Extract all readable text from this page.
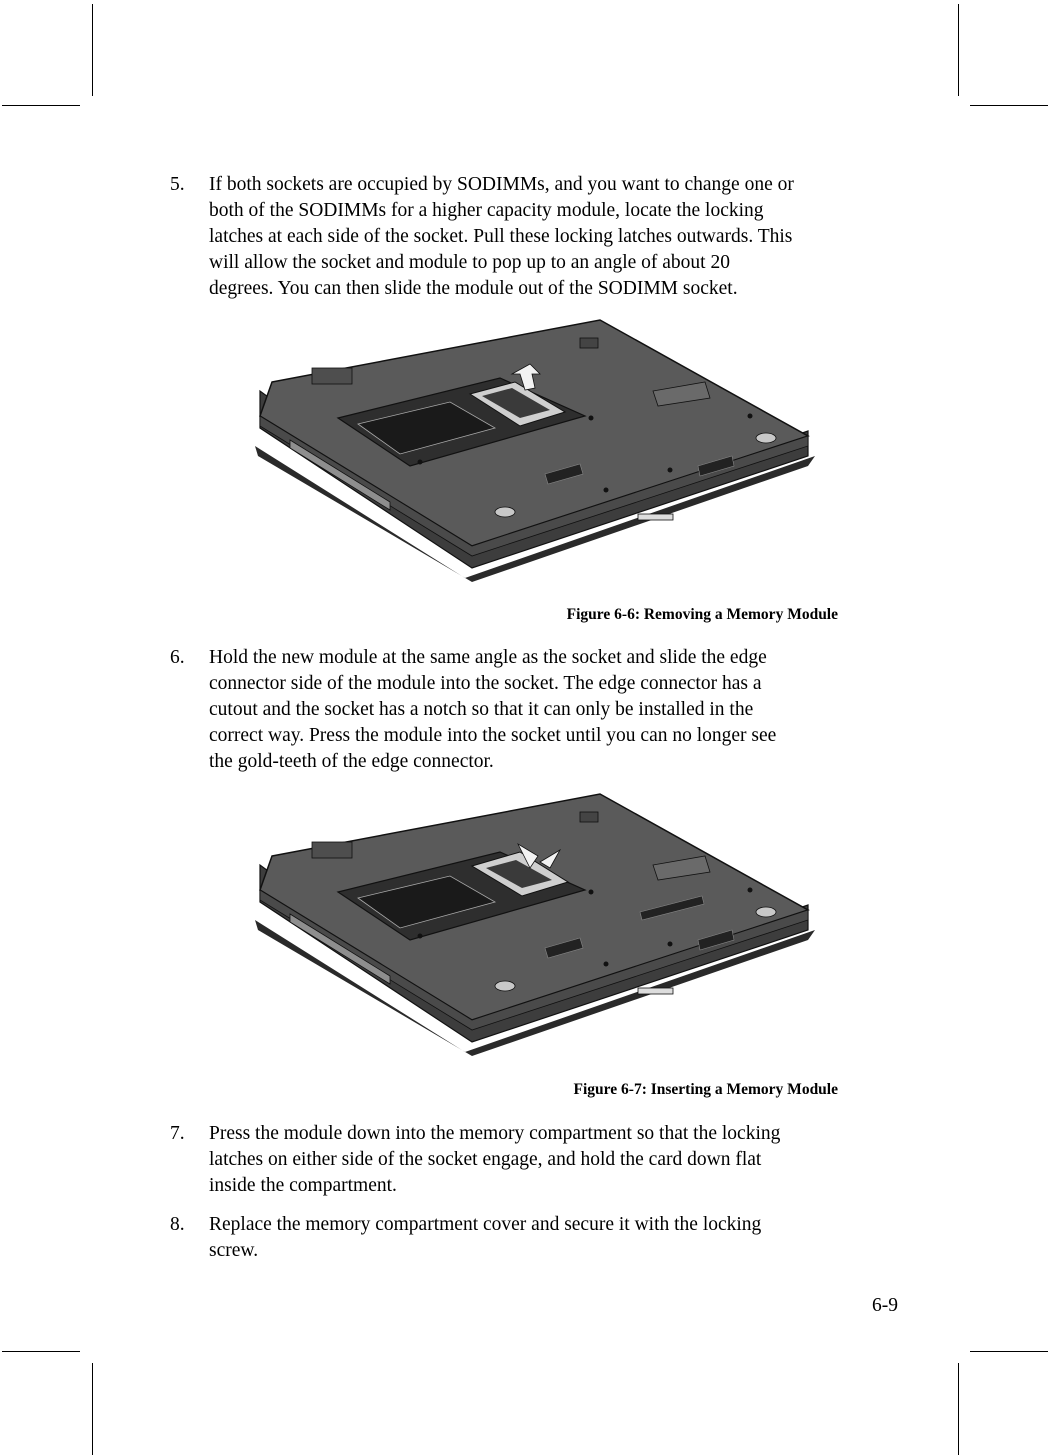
5.	If both sockets are occupied by SODIMMs, and you want to change one or
both of the SODIMMs for a higher capacity module, locate the locking
latches at each side of the socket. Pull these locking latches outwards. This
will allow the socket and module to pop up to an angle of about 20
degrees. You can then slide the module out of the SODIMM socket.
Figure 6-6: Removing a Memory Module
6.	Hold the new module at the same angle as the socket and slide the edge
connector side of the module into the socket. The edge connector has a
cutout and the socket has a notch so that it can only be installed in the
correct way. Press the module into the socket until you can no longer see
the gold-teeth of the edge connector.
Figure 6-7: Inserting a Memory Module
7.	Press the module down into the memory compartment so that the locking
latches on either side of the socket engage, and hold the card down flat
inside the compartment.
8.	Replace the memory compartment cover and secure it with the locking
screw.
6-9
